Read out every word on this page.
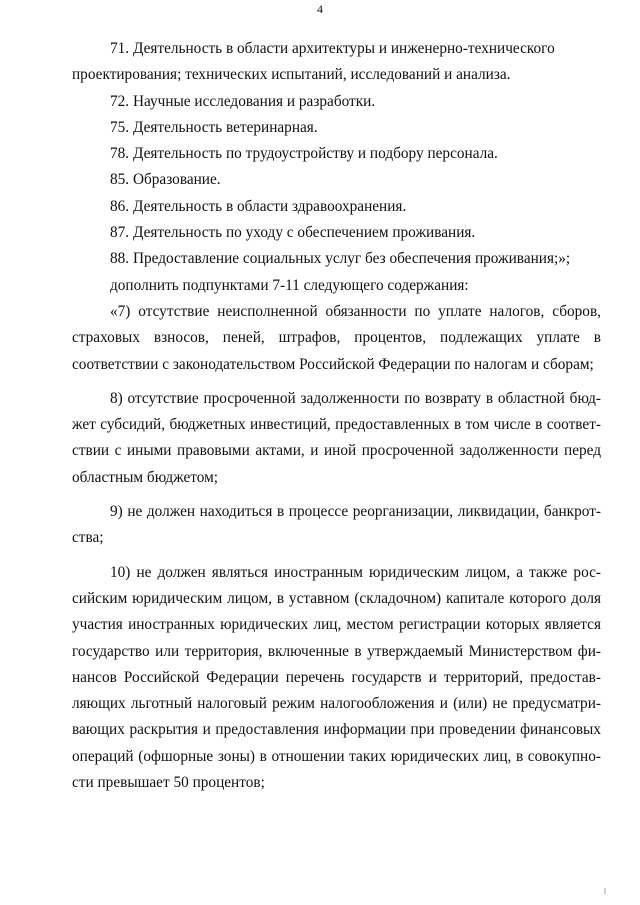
4

71. Деятельность в области архитектуры и инженерно-технического проектирования; технических испытаний, исследований и анализа.

72. Научные исследования и разработки.

75. Деятельность ветеринарная.

78. Деятельность по трудоустройству и подбору персонала.

85. Образование.

86. Деятельность в области здравоохранения.

87. Деятельность по уходу с обеспечением проживания.

88. Предоставление социальных услуг без обеспечения проживания;»;

дополнить подпунктами 7-11 следующего содержания:

«7) отсутствие неисполненной обязанности по уплате налогов, сборов, страховых взносов, пеней, штрафов, процентов, подлежащих уплате в соответствии с законодательством Российской Федерации по налогам и сборам;

8) отсутствие просроченной задолженности по возврату в областной бюджет субсидий, бюджетных инвестиций, предоставленных в том числе в соответствии с иными правовыми актами, и иной просроченной задолженности перед областным бюджетом;

9) не должен находиться в процессе реорганизации, ликвидации, банкротства;

10) не должен являться иностранным юридическим лицом, а также российским юридическим лицом, в уставном (складочном) капитале которого доля участия иностранных юридических лиц, местом регистрации которых является государство или территория, включенные в утверждаемый Министерством финансов Российской Федерации перечень государств и территорий, предоставляющих льготный налоговый режим налогообложения и (или) не предусматривающих раскрытия и предоставления информации при проведении финансовых операций (офшорные зоны) в отношении таких юридических лиц, в совокупности превышает 50 процентов;
